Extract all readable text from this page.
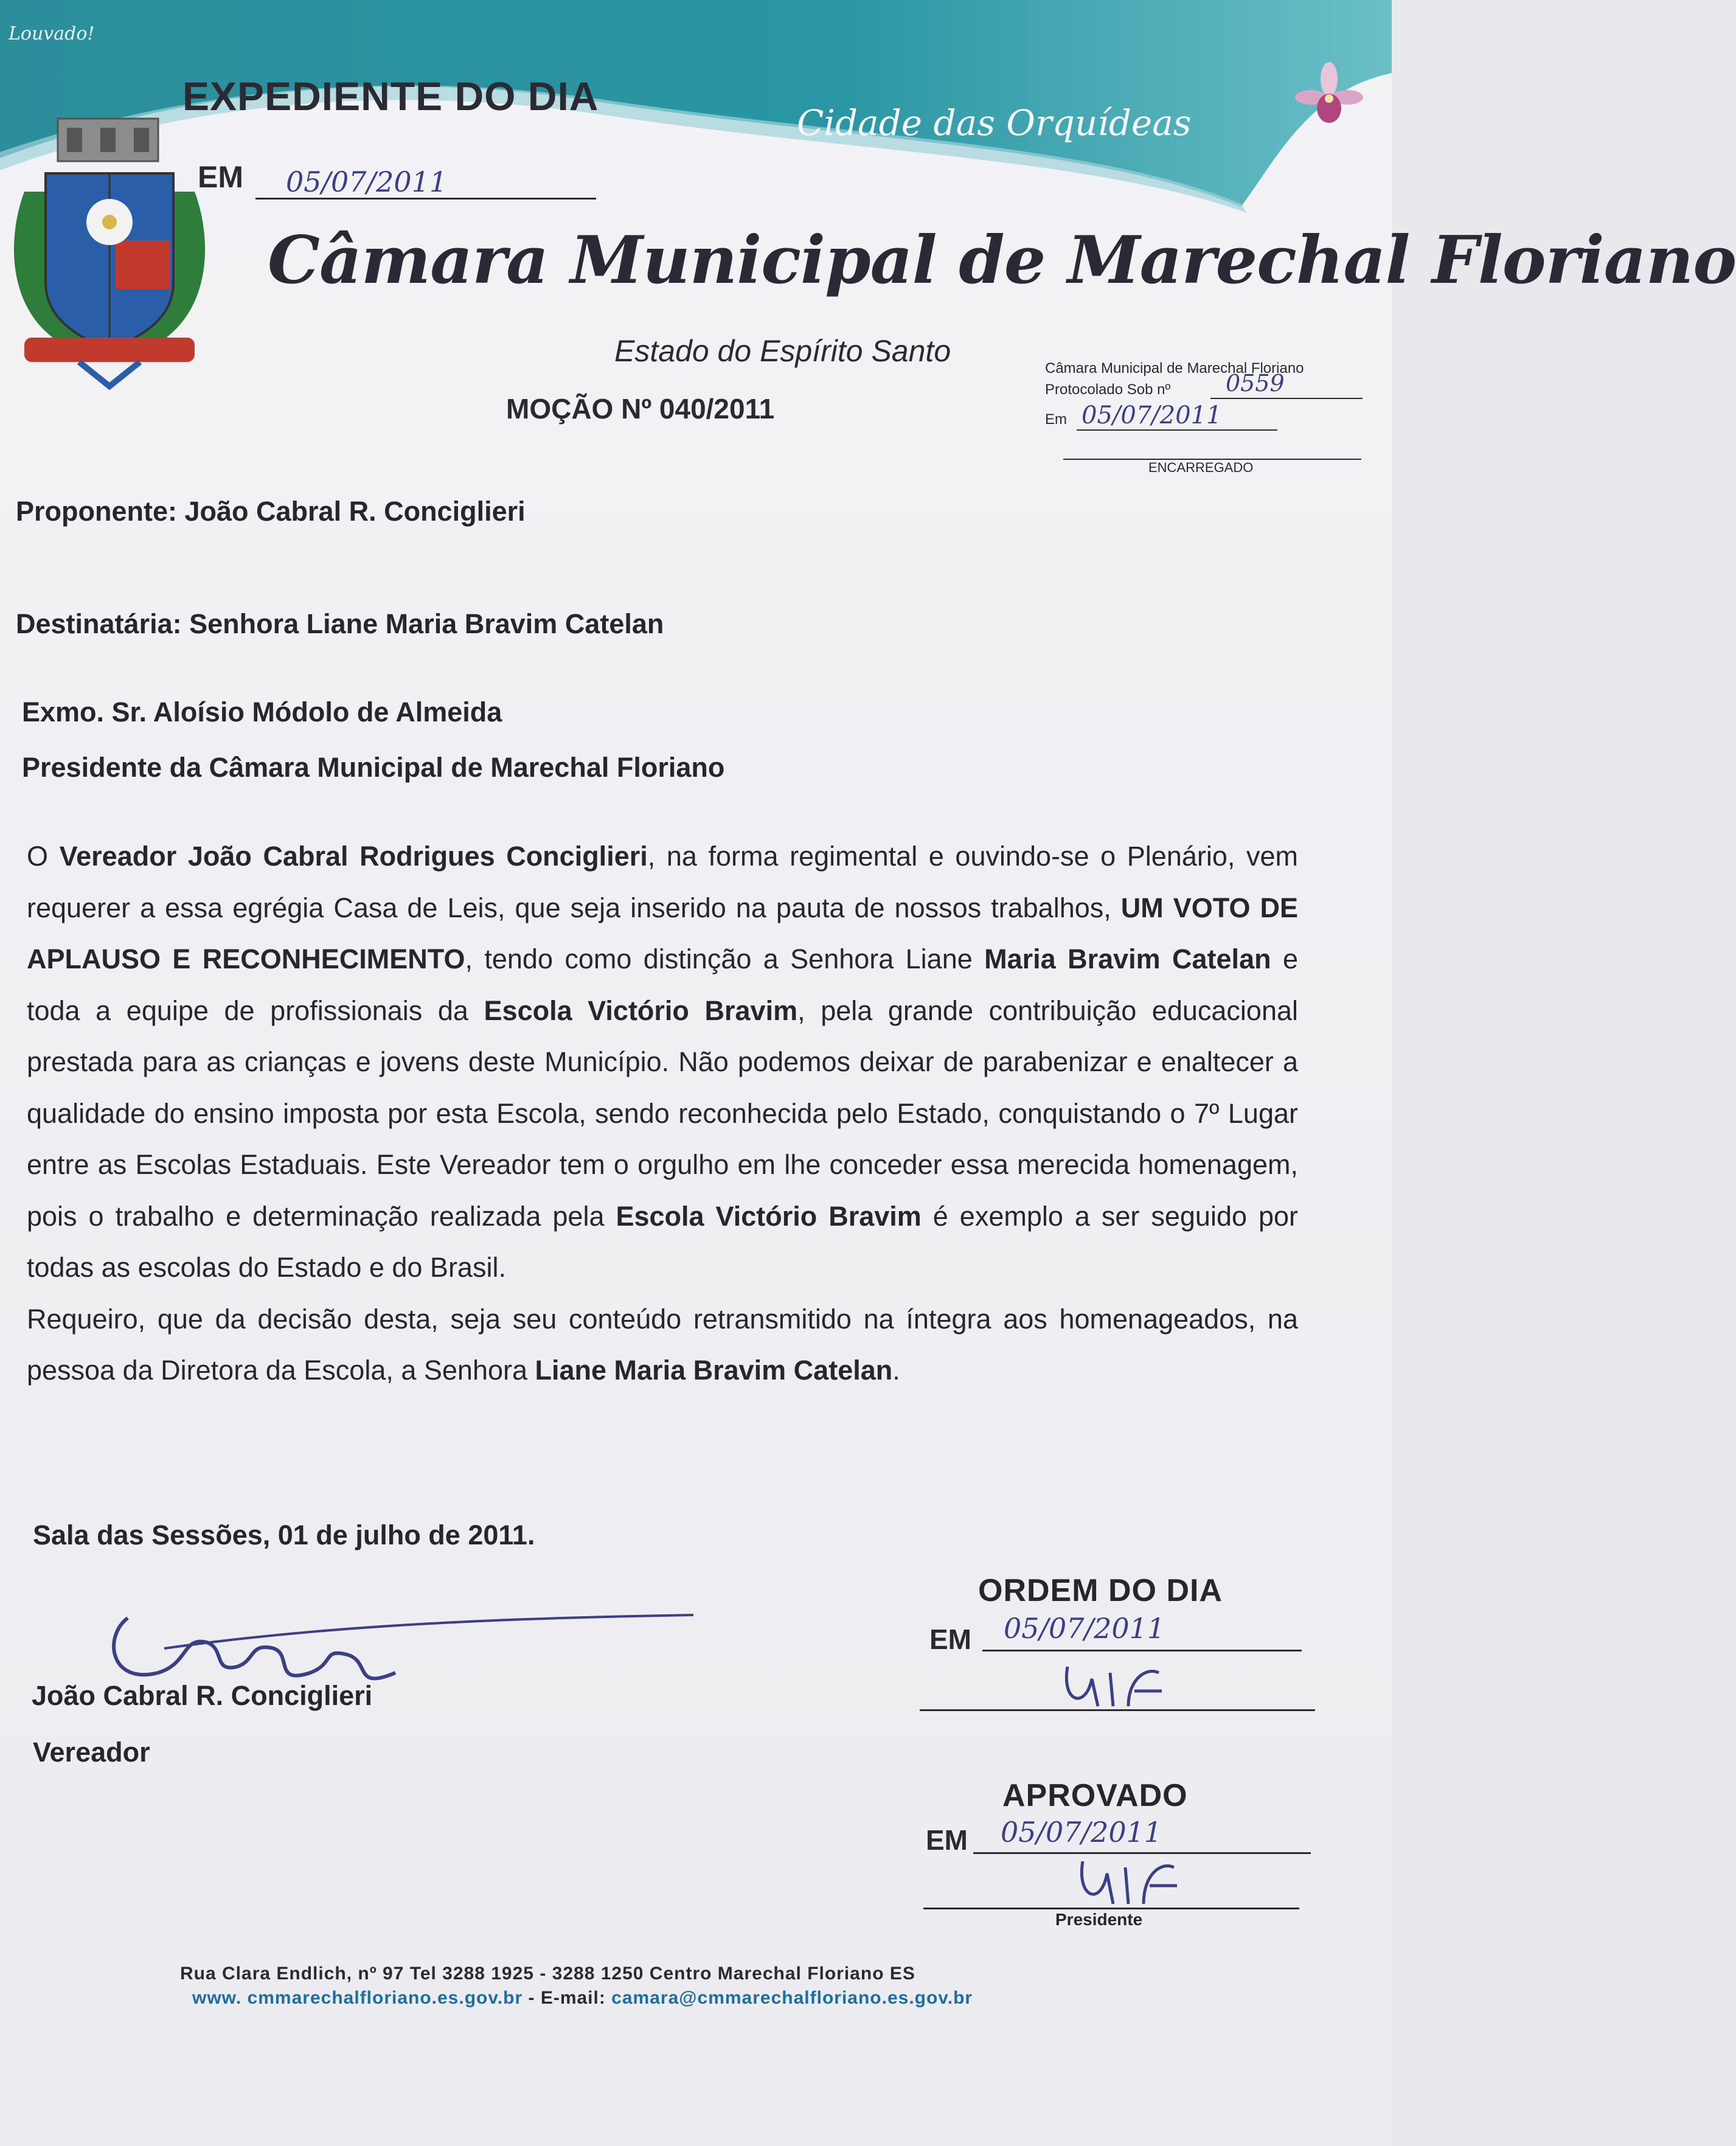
Louvado!
EXPEDIENTE DO DIA
Cidade das Orquídeas
EM 05/07/2011
Câmara Municipal de Marechal Floriano
Estado do Espírito Santo
MOÇÃO Nº 040/2011
Câmara Municipal de Marechal Floriano
Protocolado Sob nº 0559
Em 05/07/2011
ENCARREGADO
Proponente: João Cabral R. Conciglieri
Destinatária: Senhora Liane Maria Bravim Catelan
Exmo. Sr. Aloísio Módolo de Almeida
Presidente da Câmara Municipal de Marechal Floriano

O Vereador João Cabral Rodrigues Conciglieri, na forma regimental e ouvindo-se o Plenário, vem requerer a essa egrégia Casa de Leis, que seja inserido na pauta de nossos trabalhos, UM VOTO DE APLAUSO E RECONHECIMENTO, tendo como distinção a Senhora Liane Maria Bravim Catelan e toda a equipe de profissionais da Escola Victório Bravim, pela grande contribuição educacional prestada para as crianças e jovens deste Município. Não podemos deixar de parabenizar e enaltecer a qualidade do ensino imposta por esta Escola, sendo reconhecida pelo Estado, conquistando o 7º Lugar entre as Escolas Estaduais. Este Vereador tem o orgulho em lhe conceder essa merecida homenagem, pois o trabalho e determinação realizada pela Escola Victório Bravim é exemplo a ser seguido por todas as escolas do Estado e do Brasil.

Requeiro, que da decisão desta, seja seu conteúdo retransmitido na íntegra aos homenageados, na pessoa da Diretora da Escola, a Senhora Liane Maria Bravim Catelan.

Sala das Sessões, 01 de julho de 2011.
João Cabral R. Conciglieri
Vereador
ORDEM DO DIA
EM 05/07/2011
APROVADO
EM 05/07/2011
Presidente
Rua Clara Endlich, nº 97 Tel 3288 1925 - 3288 1250 Centro Marechal Floriano ES
www. cmmarechalfloriano.es.gov.br - E-mail: camara@cmmarechalfloriano.es.gov.br
